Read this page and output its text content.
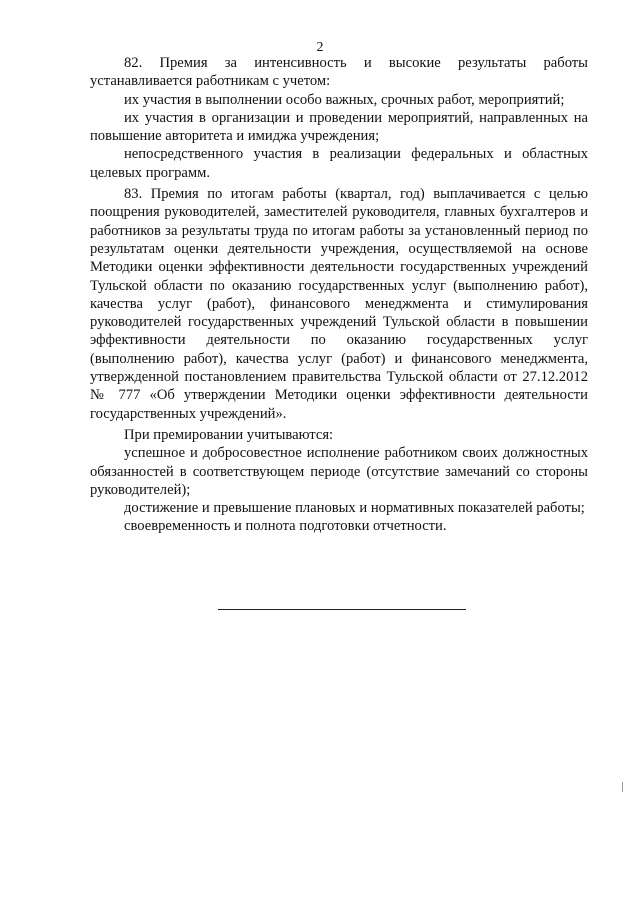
2

82. Премия за интенсивность и высокие результаты работы устанавливается работникам с учетом:

их участия в выполнении особо важных, срочных работ, мероприятий;

их участия в организации и проведении мероприятий, направленных на повышение авторитета и имиджа учреждения;

непосредственного участия в реализации федеральных и областных целевых программ.

83. Премия по итогам работы (квартал, год) выплачивается с целью поощрения руководителей, заместителей руководителя, главных бухгалтеров и работников за результаты труда по итогам работы за установленный период по результатам оценки деятельности учреждения, осуществляемой на основе Методики оценки эффективности деятельности государственных учреждений Тульской области по оказанию государственных услуг (выполнению работ), качества услуг (работ), финансового менеджмента и стимулирования руководителей государственных учреждений Тульской области в повышении эффективности деятельности по оказанию государственных услуг (выполнению работ), качества услуг (работ) и финансового менеджмента, утвержденной постановлением правительства Тульской области от 27.12.2012 № 777 «Об утверждении Методики оценки эффективности деятельности государственных учреждений».

При премировании учитываются:

успешное и добросовестное исполнение работником своих должностных обязанностей в соответствующем периоде (отсутствие замечаний со стороны руководителей);

достижение и превышение плановых и нормативных показателей работы;

своевременность и полнота подготовки отчетности.
